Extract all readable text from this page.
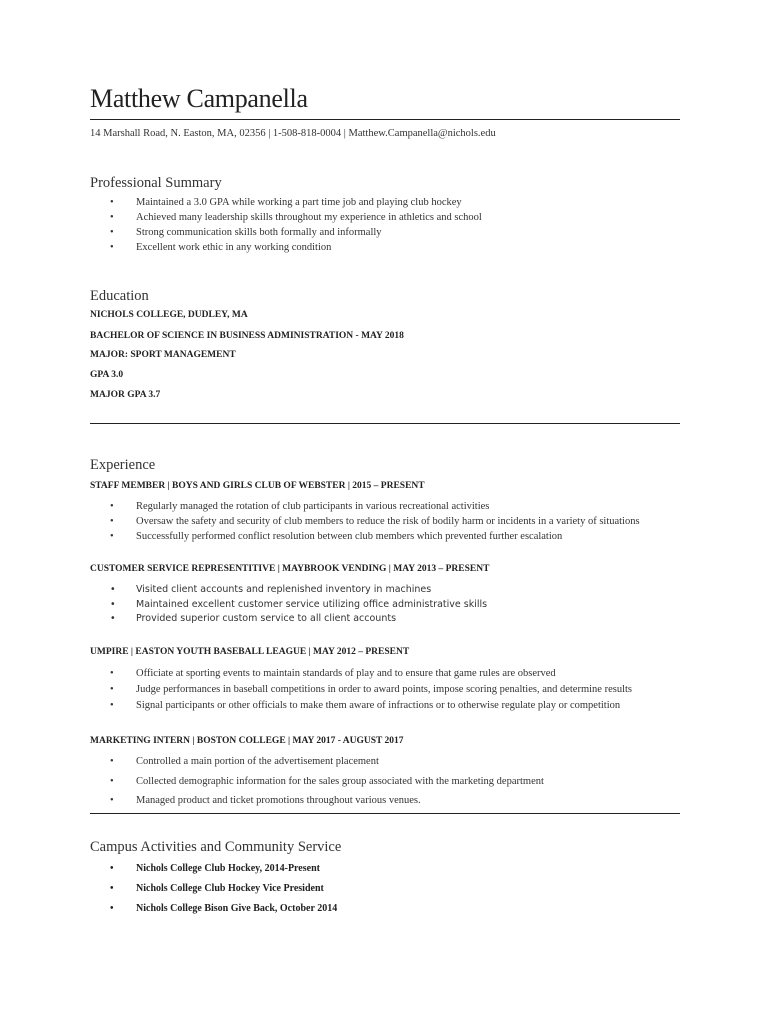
Matthew Campanella
14 Marshall Road, N. Easton, MA, 02356 | 1-508-818-0004 | Matthew.Campanella@nichols.edu
Professional Summary
• Maintained a 3.0 GPA while working a part time job and playing club hockey
• Achieved many leadership skills throughout my experience in athletics and school
• Strong communication skills both formally and informally
• Excellent work ethic in any working condition
Education
NICHOLS COLLEGE, DUDLEY, MA
BACHELOR OF SCIENCE IN BUSINESS ADMINISTRATION - MAY 2018
MAJOR: SPORT MANAGEMENT
GPA 3.0
MAJOR GPA 3.7
Experience
STAFF MEMBER | BOYS AND GIRLS CLUB OF WEBSTER | 2015 – PRESENT
• Regularly managed the rotation of club participants in various recreational activities
• Oversaw the safety and security of club members to reduce the risk of bodily harm or incidents in a variety of situations
• Successfully performed conflict resolution between club members which prevented further escalation
CUSTOMER SERVICE REPRESENTITIVE | MAYBROOK VENDING | MAY 2013 – PRESENT
• Visited client accounts and replenished inventory in machines
• Maintained excellent customer service utilizing office administrative skills
• Provided superior custom service to all client accounts
UMPIRE | EASTON YOUTH BASEBALL LEAGUE | MAY 2012 – PRESENT
• Officiate at sporting events to maintain standards of play and to ensure that game rules are observed
• Judge performances in baseball competitions in order to award points, impose scoring penalties, and determine results
• Signal participants or other officials to make them aware of infractions or to otherwise regulate play or competition
MARKETING INTERN | BOSTON COLLEGE | MAY 2017 - AUGUST 2017
• Controlled a main portion of the advertisement placement
• Collected demographic information for the sales group associated with the marketing department
• Managed product and ticket promotions throughout various venues.
Campus Activities and Community Service
• Nichols College Club Hockey, 2014-Present
• Nichols College Club Hockey Vice President
• Nichols College Bison Give Back, October 2014
